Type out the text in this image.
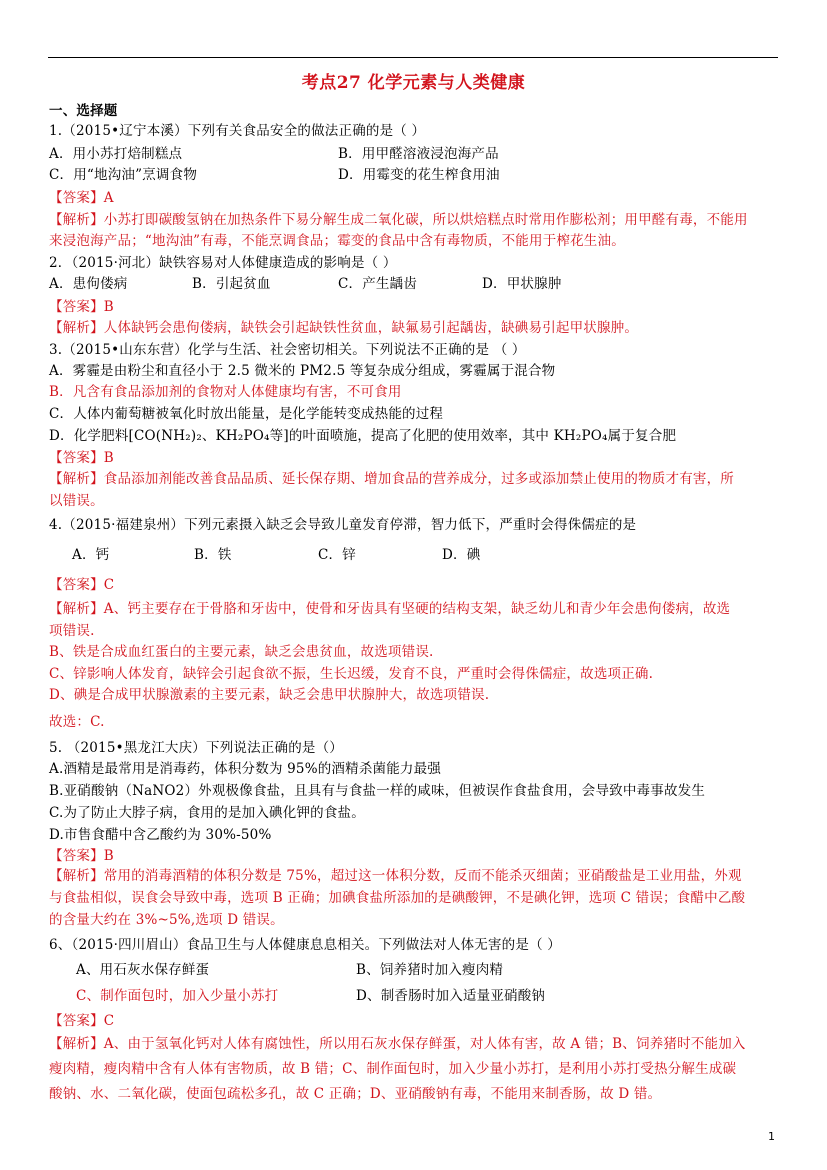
考点27 化学元素与人类健康
一、选择题
1.（2015•辽宁本溪）下列有关食品安全的做法正确的是（ ）
A．用小苏打焙制糕点	B．用甲醛溶液浸泡海产品
C．用“地沟油”烹调食物	D．用霉变的花生榨食用油
【答案】A
【解析】小苏打即碳酸氢钠在加热条件下易分解生成二氧化碳，所以烘焙糕点时常用作膨松剂；用甲醛有毒，不能用
来浸泡海产品；“地沟油”有毒，不能烹调食品；霉变的食品中含有毒物质，不能用于榨花生油。
2．（2015·河北）缺铁容易对人体健康造成的影响是（ ）
A．患佝偻病	B．引起贫血	C．产生龋齿	D．甲状腺肿
【答案】B
【解析】人体缺钙会患佝偻病，缺铁会引起缺铁性贫血，缺氟易引起龋齿，缺碘易引起甲状腺肿。
3.（2015•山东东营）化学与生活、社会密切相关。下列说法不正确的是 （ ）
A．雾霾是由粉尘和直径小于 2.5 微米的 PM2.5 等复杂成分组成，雾霾属于混合物
B．凡含有食品添加剂的食物对人体健康均有害，不可食用
C．人体内葡萄糖被氧化时放出能量，是化学能转变成热能的过程
D．化学肥料[CO(NH₂)₂、KH₂PO₄等]的叶面喷施，提高了化肥的使用效率，其中 KH₂PO₄属于复合肥
【答案】B
【解析】食品添加剂能改善食品品质、延长保存期、增加食品的营养成分，过多或添加禁止使用的物质才有害，所
以错误。
4.（2015·福建泉州）下列元素摄入缺乏会导致儿童发育停滞，智力低下，严重时会得侏儒症的是
A．钙	B．铁	C．锌	D．碘
【答案】C
【解析】A、钙主要存在于骨胳和牙齿中，使骨和牙齿具有坚硬的结构支架，缺乏幼儿和青少年会患佝偻病，故选
项错误.
B、铁是合成血红蛋白的主要元素，缺乏会患贫血，故选项错误.
C、锌影响人体发育，缺锌会引起食欲不振，生长迟缓，发育不良，严重时会得侏儒症，故选项正确.
D、碘是合成甲状腺激素的主要元素，缺乏会患甲状腺肿大，故选项错误.
故选：C.
5. （2015•黑龙江大庆）下列说法正确的是（）
A.酒精是最常用是消毒药，体积分数为 95%的酒精杀菌能力最强
B.亚硝酸钠（NaNO2）外观极像食盐，且具有与食盐一样的咸味，但被误作食盐食用，会导致中毒事故发生
C.为了防止大脖子病，食用的是加入碘化钾的食盐。
D.市售食醋中含乙酸约为 30%-50%
【答案】B
【解析】常用的消毒酒精的体积分数是 75%，超过这一体积分数，反而不能杀灭细菌；亚硝酸盐是工业用盐，外观
与食盐相似，误食会导致中毒，选项 B 正确；加碘食盐所添加的是碘酸钾，不是碘化钾，选项 C 错误；食醋中乙酸
的含量大约在 3%~5%,选项 D 错误。
6、（2015·四川眉山）食品卫生与人体健康息息相关。下列做法对人体无害的是（ ）
A、用石灰水保存鲜蛋	B、饲养猪时加入瘦肉精
C、制作面包时，加入少量小苏打	D、制香肠时加入适量亚硝酸钠
【答案】C
【解析】A、由于氢氧化钙对人体有腐蚀性，所以用石灰水保存鲜蛋，对人体有害，故 A 错；B、饲养猪时不能加入
瘦肉精，瘦肉精中含有人体有害物质，故 B 错；C、制作面包时，加入少量小苏打，是利用小苏打受热分解生成碳
酸钠、水、二氧化碳，使面包疏松多孔，故 C 正确；D、亚硝酸钠有毒，不能用来制香肠，故 D 错。
1
